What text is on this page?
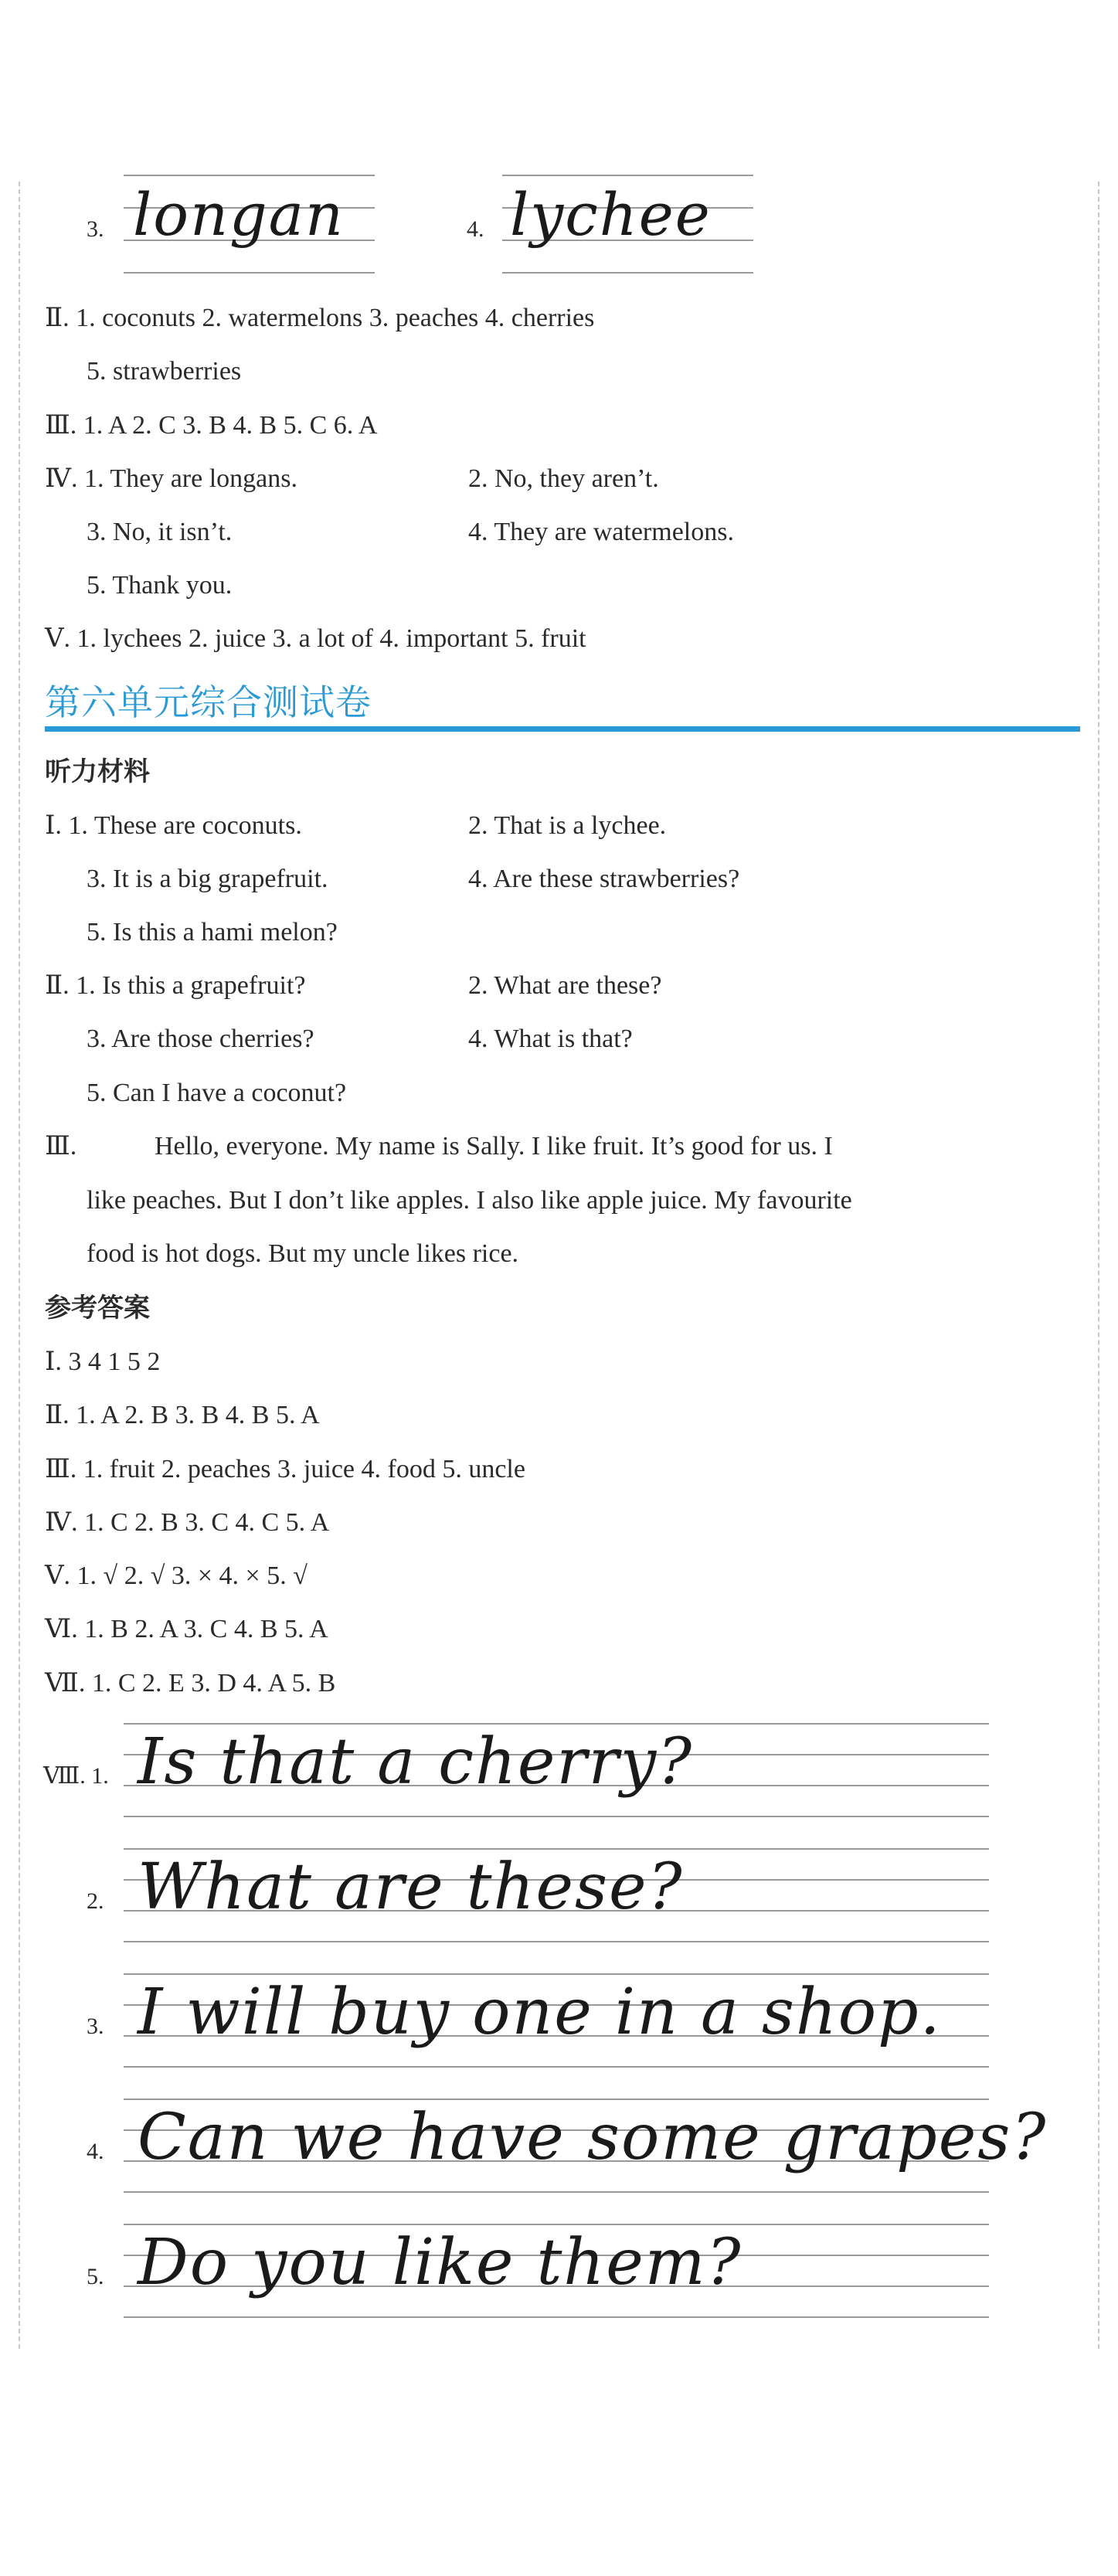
3. longan	4. lychee
Ⅱ. 1. coconuts 2. watermelons 3. peaches 4. cherries
5. strawberries
Ⅲ. 1. A 2. C 3. B 4. B 5. C 6. A
Ⅳ. 1. They are longans.	2. No, they aren’t.
3. No, it isn’t.	4. They are watermelons.
5. Thank you.
Ⅴ. 1. lychees 2. juice 3. a lot of 4. important 5. fruit
第六单元综合测试卷
听力材料
Ⅰ. 1. These are coconuts.	2. That is a lychee.
3. It is a big grapefruit.	4. Are these strawberries?
5. Is this a hami melon?
Ⅱ. 1. Is this a grapefruit?	2. What are these?
3. Are those cherries?	4. What is that?
5. Can I have a coconut?
Ⅲ.	Hello, everyone. My name is Sally. I like fruit. It’s good for us. I
like peaches. But I don’t like apples. I also like apple juice. My favourite
food is hot dogs. But my uncle likes rice.
参考答案
Ⅰ. 3 4 1 5 2
Ⅱ. 1. A 2. B 3. B 4. B 5. A
Ⅲ. 1. fruit 2. peaches 3. juice 4. food 5. uncle
Ⅳ. 1. C 2. B 3. C 4. C 5. A
Ⅴ. 1. √ 2. √ 3. × 4. × 5. √
Ⅵ. 1. B 2. A 3. C 4. B 5. A
Ⅶ. 1. C 2. E 3. D 4. A 5. B
Ⅷ. 1. Is that a cherry?
2. What are these?
3. I will buy one in a shop.
4. Can we have some grapes?
5. Do you like them?
